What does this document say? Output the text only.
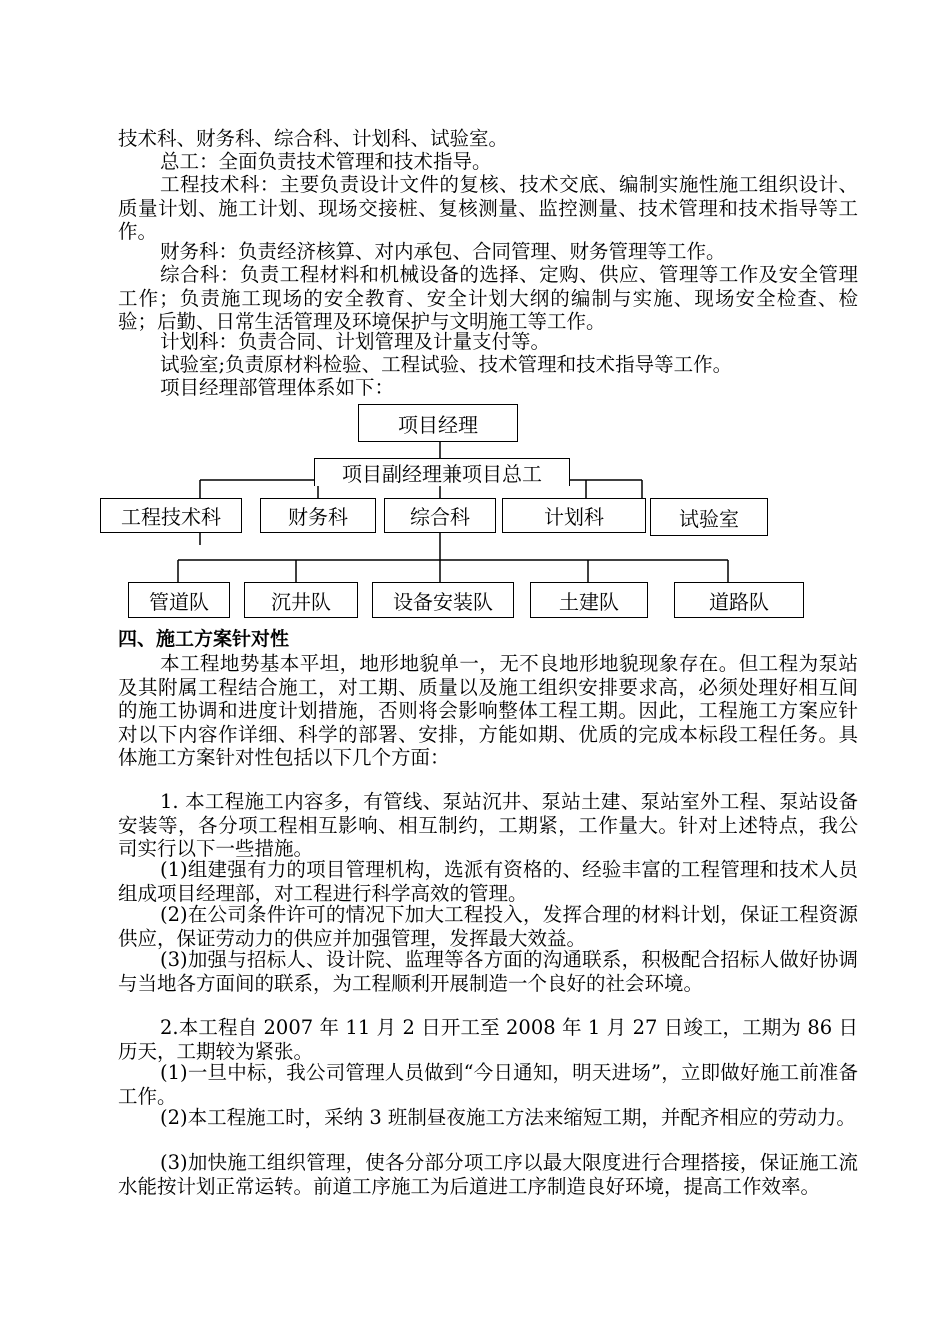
技术科、财务科、综合科、计划科、试验室。

总工：全面负责技术管理和技术指导。

工程技术科：主要负责设计文件的复核、技术交底、编制实施性施工组织设计、质量计划、施工计划、现场交接桩、复核测量、监控测量、技术管理和技术指导等工作。

财务科：负责经济核算、对内承包、合同管理、财务管理等工作。

综合科：负责工程材料和机械设备的选择、定购、供应、管理等工作及安全管理工作；负责施工现场的安全教育、安全计划大纲的编制与实施、现场安全检查、检验；后勤、日常生活管理及环境保护与文明施工等工作。

计划科：负责合同、计划管理及计量支付等。

试验室;负责原材料检验、工程试验、技术管理和技术指导等工作。

项目经理部管理体系如下：

项目经理
项目副经理兼项目总工
工程技术科	财务科	综合科	计划科	试验室
管道队	沉井队	设备安装队	土建队	道路队

四、施工方案针对性

本工程地势基本平坦，地形地貌单一，无不良地形地貌现象存在。但工程为泵站及其附属工程结合施工，对工期、质量以及施工组织安排要求高，必须处理好相互间的施工协调和进度计划措施，否则将会影响整体工程工期。因此，工程施工方案应针对以下内容作详细、科学的部署、安排，方能如期、优质的完成本标段工程任务。具体施工方案针对性包括以下几个方面：

1. 本工程施工内容多，有管线、泵站沉井、泵站土建、泵站室外工程、泵站设备安装等，各分项工程相互影响、相互制约，工期紧，工作量大。针对上述特点，我公司实行以下一些措施。

(1)组建强有力的项目管理机构，选派有资格的、经验丰富的工程管理和技术人员组成项目经理部，对工程进行科学高效的管理。

(2)在公司条件许可的情况下加大工程投入，发挥合理的材料计划，保证工程资源供应，保证劳动力的供应并加强管理，发挥最大效益。

(3)加强与招标人、设计院、监理等各方面的沟通联系，积极配合招标人做好协调与当地各方面间的联系，为工程顺利开展制造一个良好的社会环境。

2.本工程自 2007 年 11 月 2 日开工至 2008 年 1 月 27 日竣工，工期为 86 日历天，工期较为紧张。

(1)一旦中标，我公司管理人员做到“今日通知，明天进场”，立即做好施工前准备工作。

(2)本工程施工时，采纳 3 班制昼夜施工方法来缩短工期，并配齐相应的劳动力。

(3)加快施工组织管理，使各分部分项工序以最大限度进行合理搭接，保证施工流水能按计划正常运转。前道工序施工为后道进工序制造良好环境，提高工作效率。
